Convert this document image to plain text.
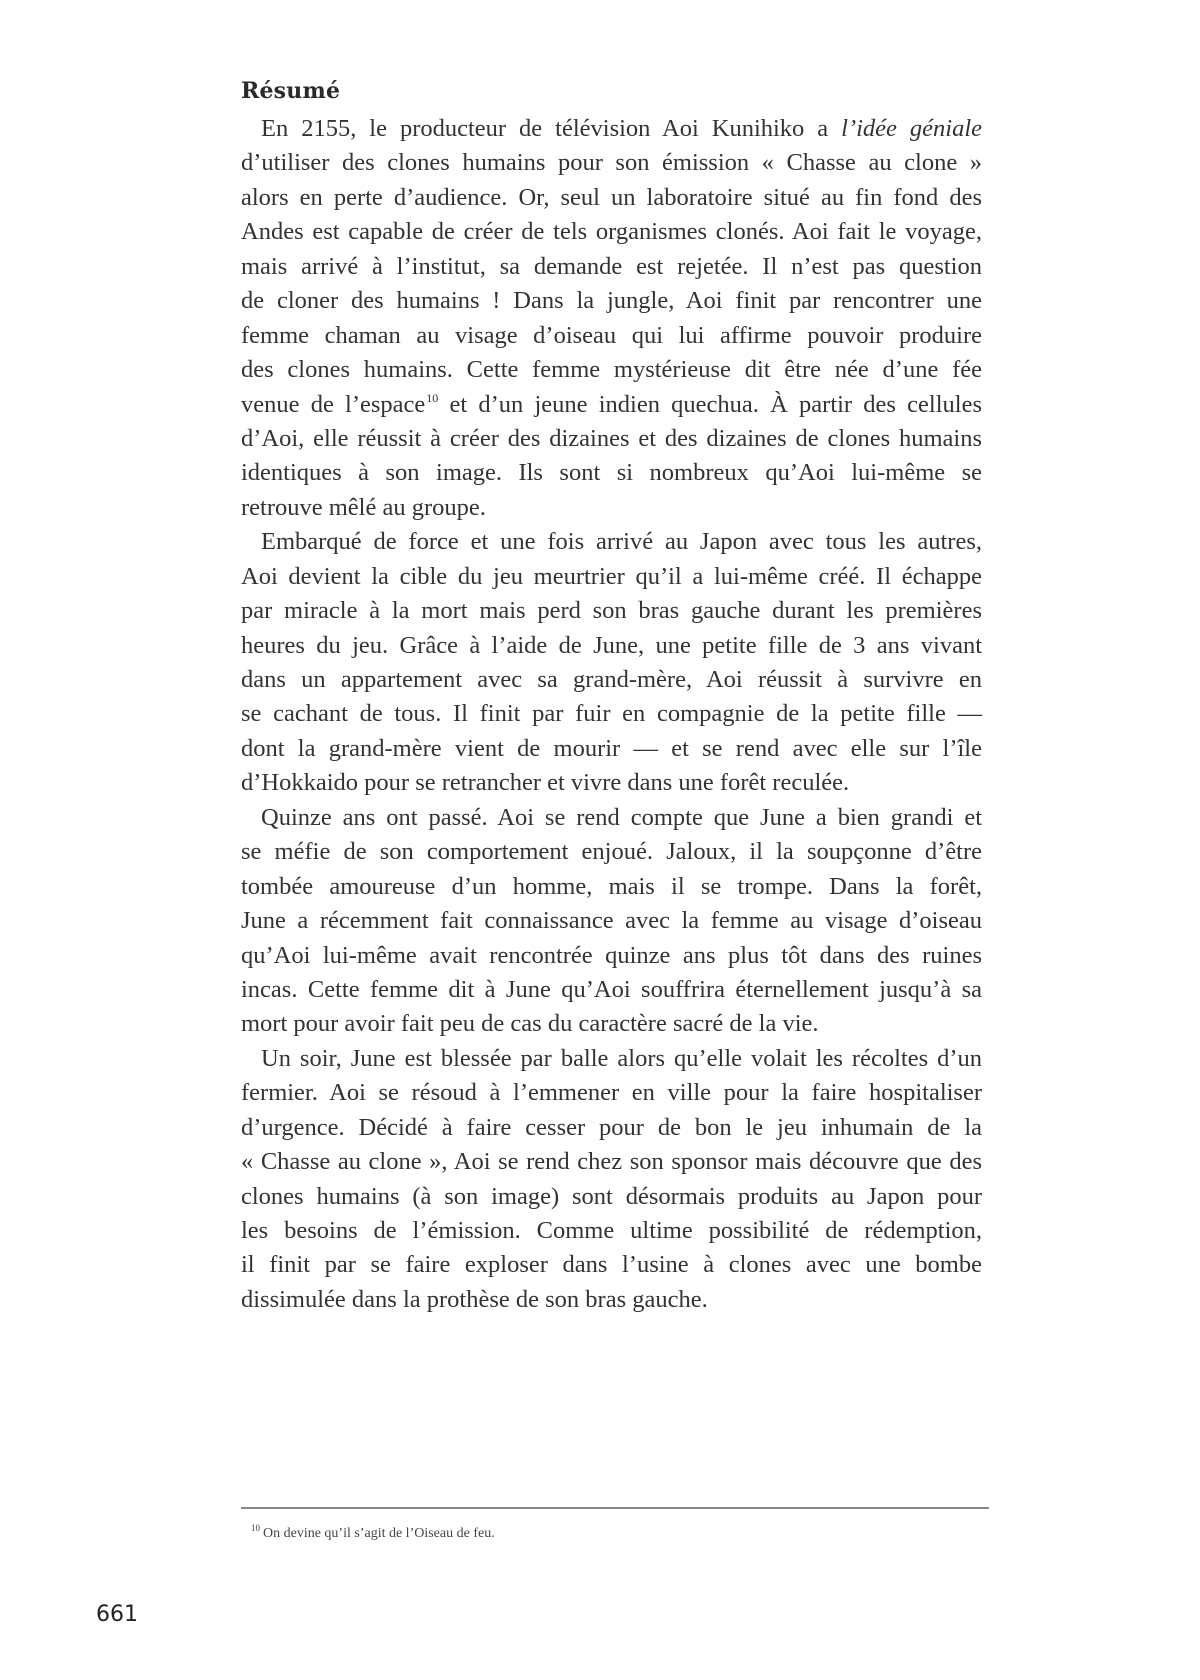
Résumé
En 2155, le producteur de télévision Aoi Kunihiko a l’idée géniale
d’utiliser des clones humains pour son émission « Chasse au clone »
alors en perte d’audience. Or, seul un laboratoire situé au fin fond des
Andes est capable de créer de tels organismes clonés. Aoi fait le voyage,
mais arrivé à l’institut, sa demande est rejetée. Il n’est pas question
de cloner des humains ! Dans la jungle, Aoi finit par rencontrer une
femme chaman au visage d’oiseau qui lui affirme pouvoir produire
des clones humains. Cette femme mystérieuse dit être née d’une fée
venue de l’espace$^{10}$ et d’un jeune indien quechua. À partir des cellules
d’Aoi, elle réussit à créer des dizaines et des dizaines de clones humains
identiques à son image. Ils sont si nombreux qu’Aoi lui-même se
retrouve mêlé au groupe.
Embarqué de force et une fois arrivé au Japon avec tous les autres,
Aoi devient la cible du jeu meurtrier qu’il a lui-même créé. Il échappe
par miracle à la mort mais perd son bras gauche durant les premières
heures du jeu. Grâce à l’aide de June, une petite fille de 3 ans vivant
dans un appartement avec sa grand-mère, Aoi réussit à survivre en
se cachant de tous. Il finit par fuir en compagnie de la petite fille —
dont la grand-mère vient de mourir — et se rend avec elle sur l’île
d’Hokkaido pour se retrancher et vivre dans une forêt reculée.
Quinze ans ont passé. Aoi se rend compte que June a bien grandi et
se méfie de son comportement enjoué. Jaloux, il la soupçonne d’être
tombée amoureuse d’un homme, mais il se trompe. Dans la forêt,
June a récemment fait connaissance avec la femme au visage d’oiseau
qu’Aoi lui-même avait rencontrée quinze ans plus tôt dans des ruines
incas. Cette femme dit à June qu’Aoi souffrira éternellement jusqu’à sa
mort pour avoir fait peu de cas du caractère sacré de la vie.
Un soir, June est blessée par balle alors qu’elle volait les récoltes d’un
fermier. Aoi se résoud à l’emmener en ville pour la faire hospitaliser
d’urgence. Décidé à faire cesser pour de bon le jeu inhumain de la
« Chasse au clone », Aoi se rend chez son sponsor mais découvre que des
clones humains (à son image) sont désormais produits au Japon pour
les besoins de l’émission. Comme ultime possibilité de rédemption,
il finit par se faire exploser dans l’usine à clones avec une bombe
dissimulée dans la prothèse de son bras gauche.
$^{10}$ On devine qu’il s’agit de l’Oiseau de feu.
661
